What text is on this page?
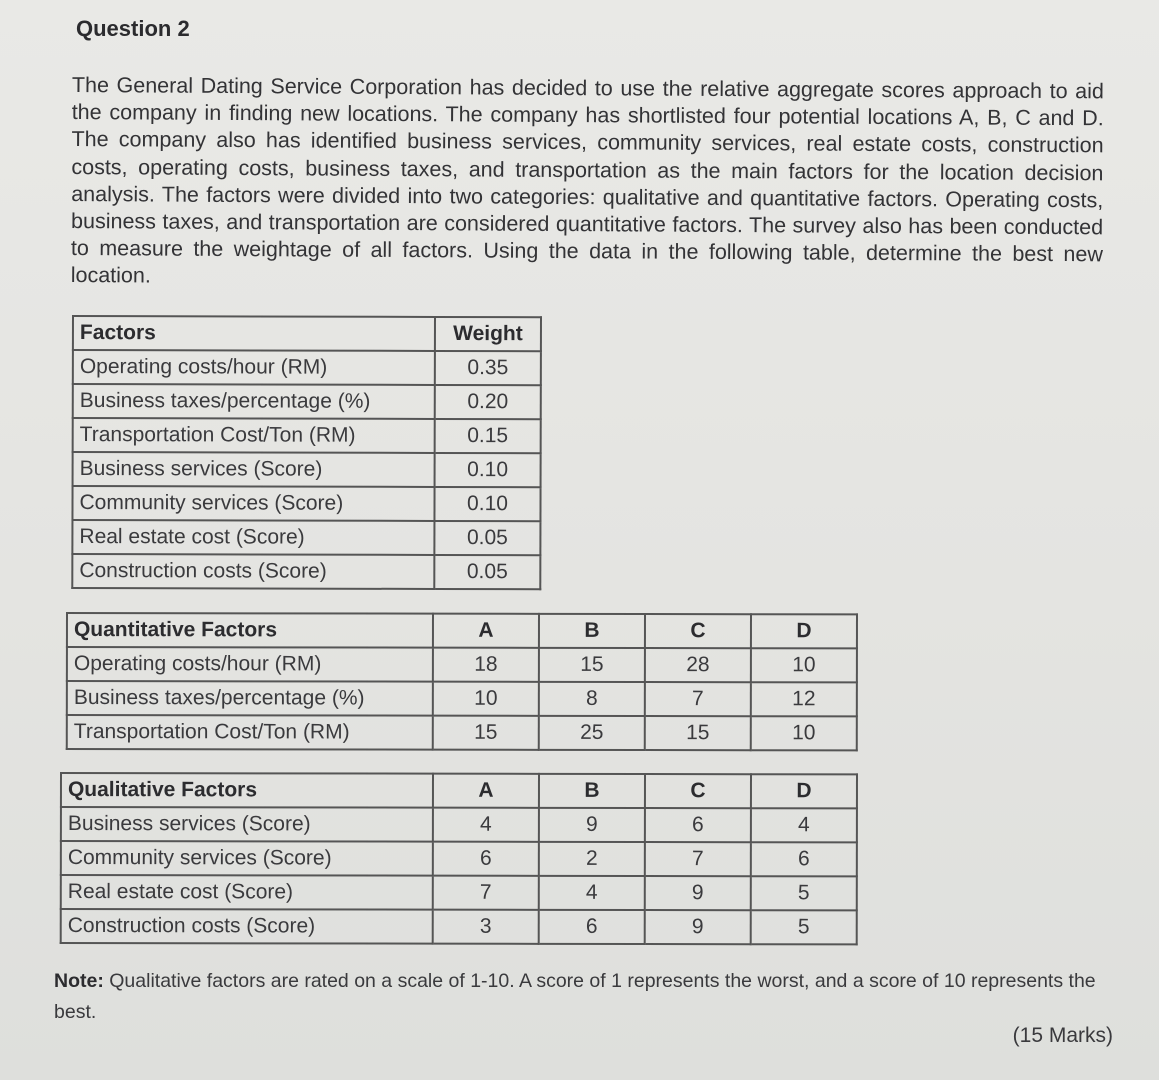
Question 2
The General Dating Service Corporation has decided to use the relative aggregate scores approach to aid the company in finding new locations. The company has shortlisted four potential locations A, B, C and D. The company also has identified business services, community services, real estate costs, construction costs, operating costs, business taxes, and transportation as the main factors for the location decision analysis. The factors were divided into two categories: qualitative and quantitative factors. Operating costs, business taxes, and transportation are considered quantitative factors. The survey also has been conducted to measure the weightage of all factors. Using the data in the following table, determine the best new location.
Factors	Weight
Operating costs/hour (RM)	0.35
Business taxes/percentage (%)	0.20
Transportation Cost/Ton (RM)	0.15
Business services (Score)	0.10
Community services (Score)	0.10
Real estate cost (Score)	0.05
Construction costs (Score)	0.05
Quantitative Factors	A	B	C	D
Operating costs/hour (RM)	18	15	28	10
Business taxes/percentage (%)	10	8	7	12
Transportation Cost/Ton (RM)	15	25	15	10
Qualitative Factors	A	B	C	D
Business services (Score)	4	9	6	4
Community services (Score)	6	2	7	6
Real estate cost (Score)	7	4	9	5
Construction costs (Score)	3	6	9	5
Note: Qualitative factors are rated on a scale of 1-10. A score of 1 represents the worst, and a score of 10 represents the best.
(15 Marks)
